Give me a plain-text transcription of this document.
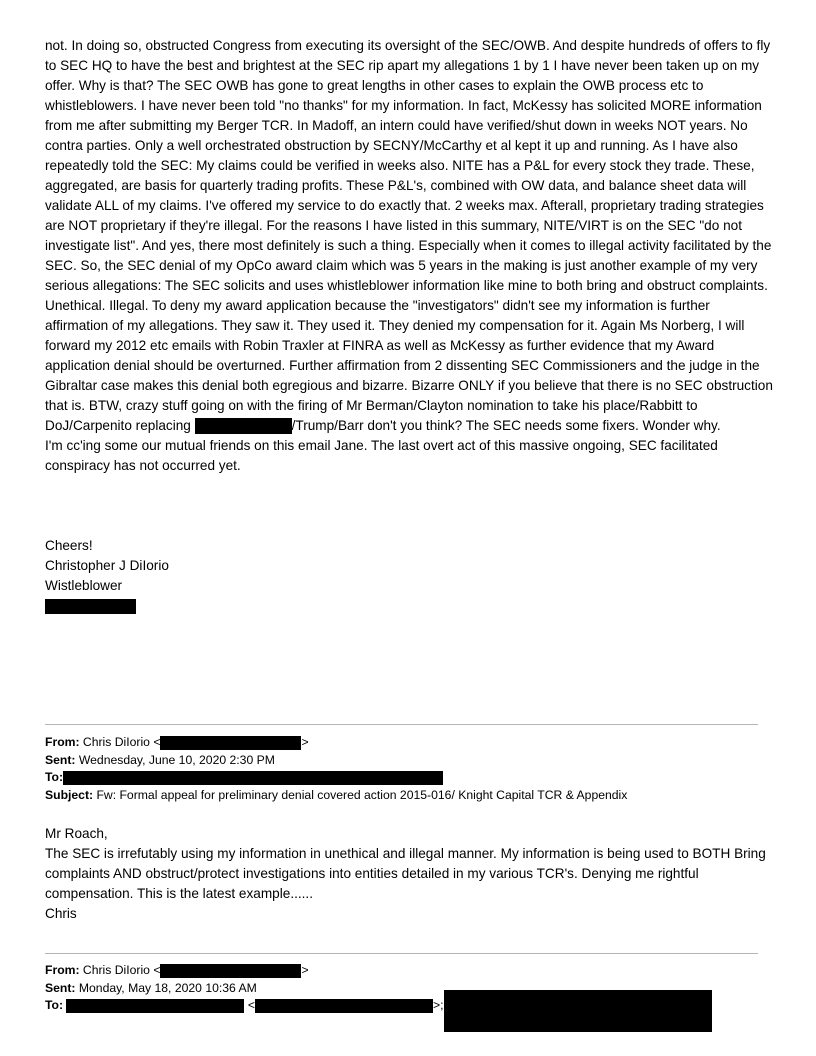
not. In doing so, obstructed Congress from executing its oversight of the SEC/OWB. And despite hundreds of offers to fly to SEC HQ to have the best and brightest at the SEC rip apart my allegations 1 by 1 I have never been taken up on my offer. Why is that? The SEC OWB has gone to great lengths in other cases to explain the OWB process etc to whistleblowers. I have never been told "no thanks" for my information. In fact, McKessy has solicited MORE information from me after submitting my Berger TCR. In Madoff, an intern could have verified/shut down in weeks NOT years. No contra parties. Only a well orchestrated obstruction by SECNY/McCarthy et al kept it up and running. As I have also repeatedly told the SEC: My claims could be verified in weeks also. NITE has a P&L for every stock they trade. These, aggregated, are basis for quarterly trading profits. These P&L's, combined with OW data, and balance sheet data will validate ALL of my claims. I've offered my service to do exactly that. 2 weeks max. Afterall, proprietary trading strategies are NOT proprietary if they're illegal. For the reasons I have listed in this summary, NITE/VIRT is on the SEC "do not investigate list". And yes, there most definitely is such a thing. Especially when it comes to illegal activity facilitated by the SEC. So, the SEC denial of my OpCo award claim which was 5 years in the making is just another example of my very serious allegations: The SEC solicits and uses whistleblower information like mine to both bring and obstruct complaints. Unethical. Illegal. To deny my award application because the "investigators" didn't see my information is further affirmation of my allegations. They saw it. They used it. They denied my compensation for it. Again Ms Norberg, I will forward my 2012 etc emails with Robin Traxler at FINRA as well as McKessy as further evidence that my Award application denial should be overturned. Further affirmation from 2 dissenting SEC Commissioners and the judge in the Gibraltar case makes this denial both egregious and bizarre. Bizarre ONLY if you believe that there is no SEC obstruction that is. BTW, crazy stuff going on with the firing of Mr Berman/Clayton nomination to take his place/Rabbitt to DoJ/Carpenito replacing	/Trump/Barr don't you think? The SEC needs some fixers. Wonder why.

I'm cc'ing some our mutual friends on this email Jane. The last overt act of this massive ongoing, SEC facilitated conspiracy has not occurred yet.

Cheers!

Christopher J DiIorio

Wistleblower

From: Chris DiIorio <	>
Sent: Wednesday, June 10, 2020 2:30 PM
To:
Subject: Fw: Formal appeal for preliminary denial covered action 2015-016/ Knight Capital TCR & Appendix

Mr Roach,

The SEC is irrefutably using my information in unethical and illegal manner. My information is being used to BOTH Bring complaints AND obstruct/protect investigations into entities detailed in my various TCR's. Denying me rightful compensation. This is the latest example......

Chris

From: Chris DiIorio <	>
Sent: Monday, May 18, 2020 10:36 AM
To:	<	>;
